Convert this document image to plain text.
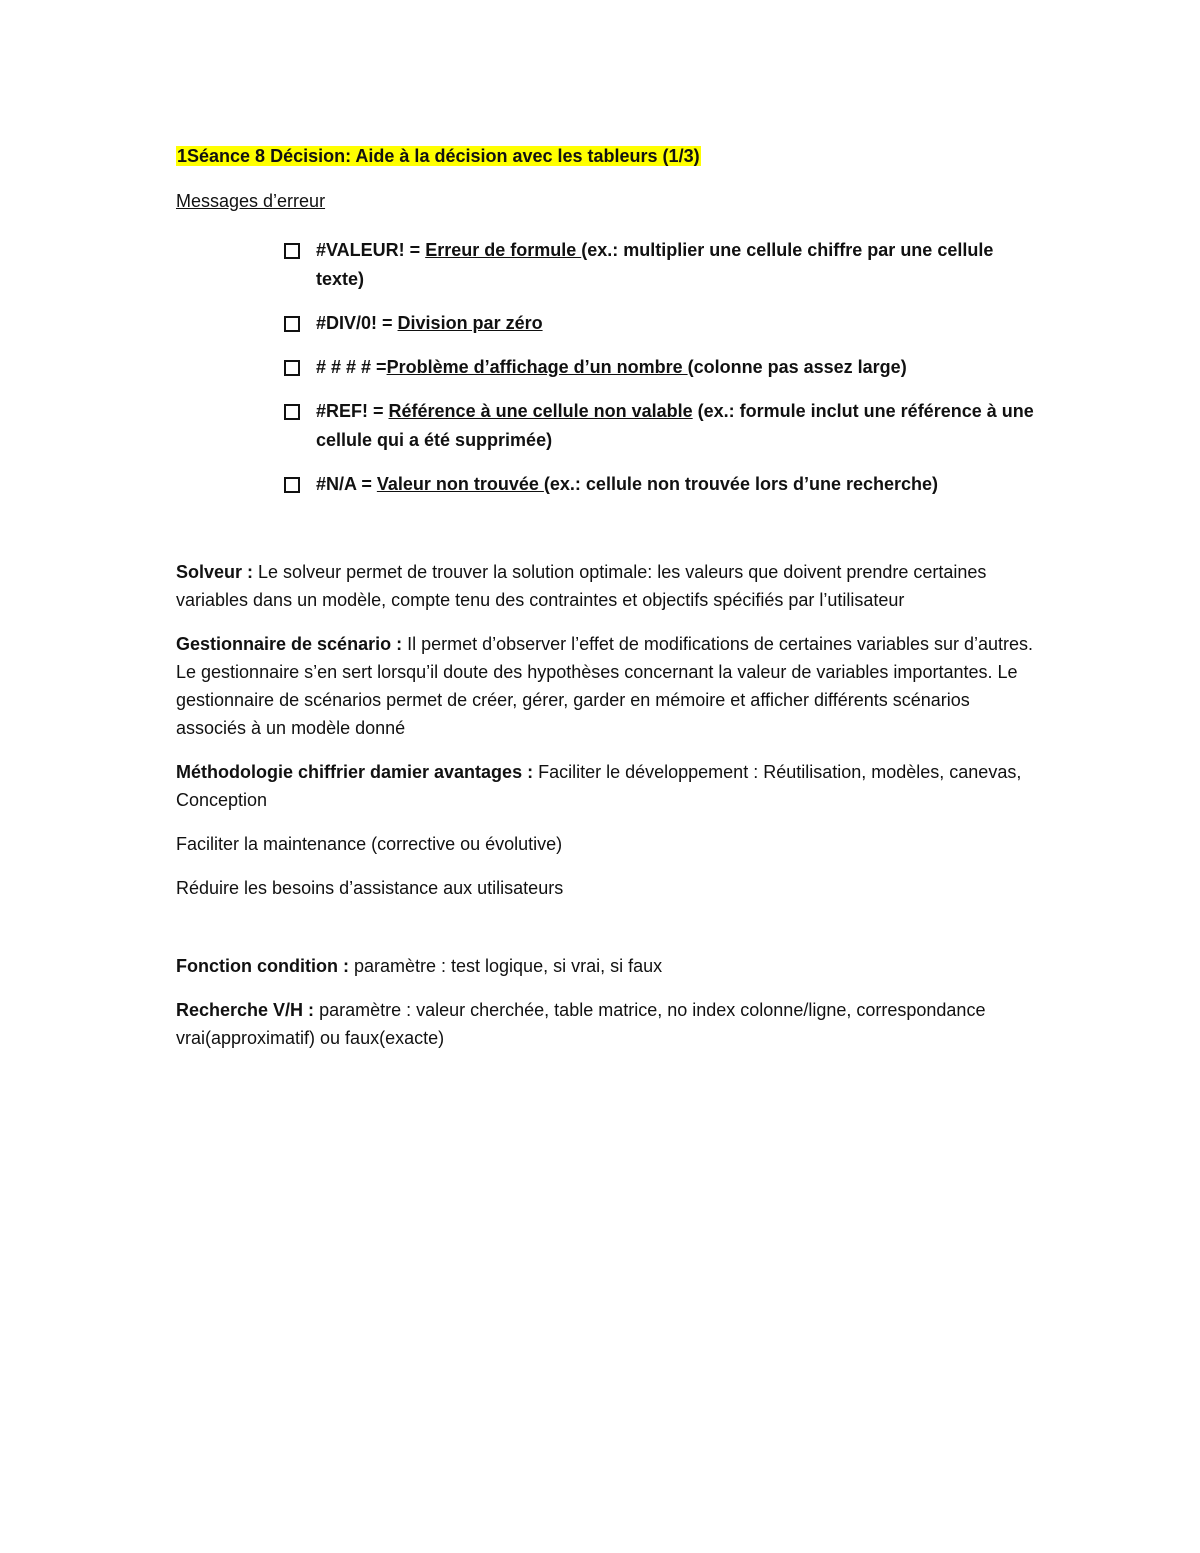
1Séance 8 Décision: Aide à la décision avec les tableurs (1/3)
Messages d’erreur
#VALEUR! = Erreur de formule (ex.: multiplier une cellule chiffre par une cellule texte)
#DIV/0! = Division par zéro
# # # # =Problème d’affichage d’un nombre (colonne pas assez large)
#REF! = Référence à une cellule non valable (ex.: formule inclut une référence à une cellule qui a été supprimée)
#N/A = Valeur non trouvée (ex.: cellule non trouvée lors d’une recherche)

Solveur : Le solveur permet de trouver la solution optimale: les valeurs que doivent prendre certaines variables dans un modèle, compte tenu des contraintes et objectifs spécifiés par l’utilisateur

Gestionnaire de scénario : Il permet d’observer l’effet de modifications de certaines variables sur d’autres. Le gestionnaire s’en sert lorsqu’il doute des hypothèses concernant la valeur de variables importantes. Le gestionnaire de scénarios permet de créer, gérer, garder en mémoire et afficher différents scénarios associés à un modèle donné

Méthodologie chiffrier damier avantages : Faciliter le développement : Réutilisation, modèles, canevas, Conception

Faciliter la maintenance (corrective ou évolutive)

Réduire les besoins d’assistance aux utilisateurs

Fonction condition : paramètre : test logique, si vrai, si faux

Recherche V/H : paramètre : valeur cherchée, table matrice, no index colonne/ligne, correspondance vrai(approximatif) ou faux(exacte)
